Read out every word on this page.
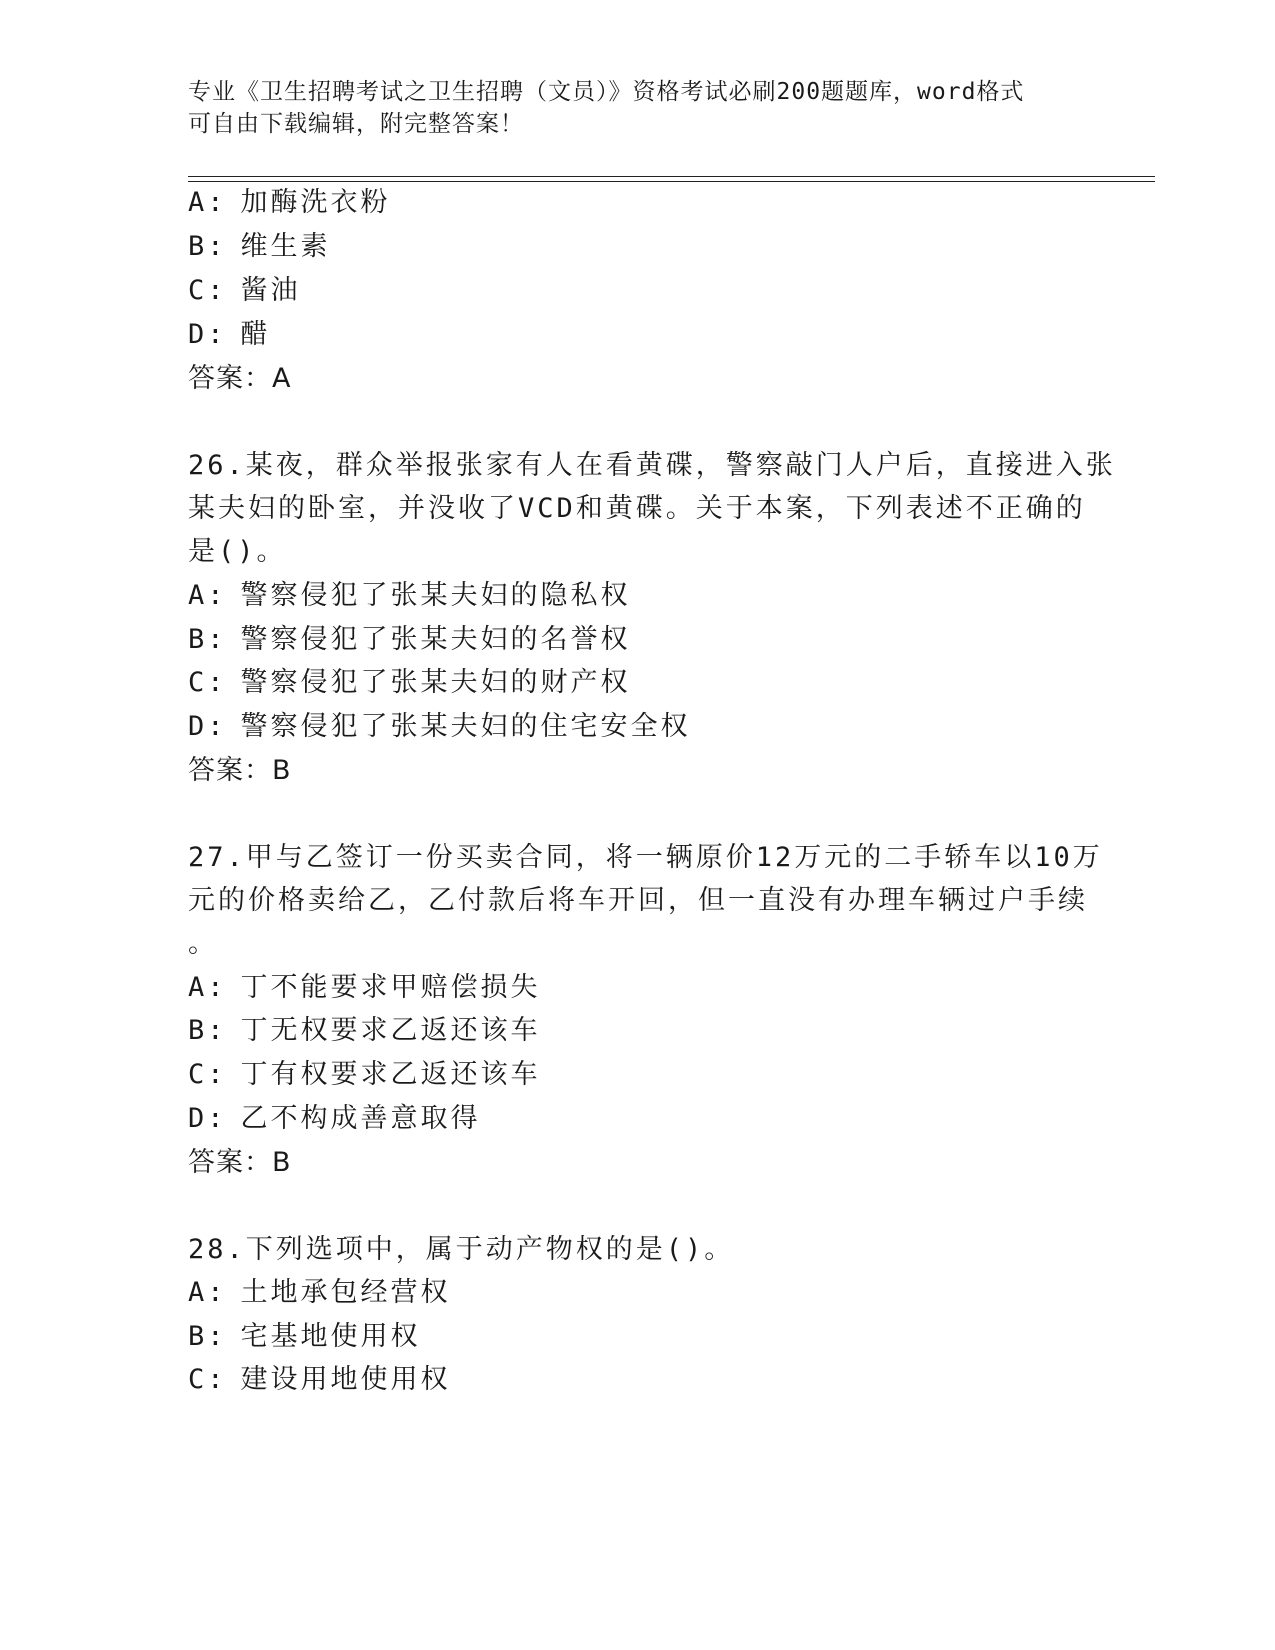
专业《卫生招聘考试之卫生招聘（文员）》资格考试必刷200题题库，word格式
可自由下载编辑，附完整答案！
A: 加酶洗衣粉
B: 维生素
C: 酱油
D: 醋
答案：A
26.某夜，群众举报张家有人在看黄碟，警察敲门人户后，直接进入张
某夫妇的卧室，并没收了VCD和黄碟。关于本案，下列表述不正确的
是()。
A: 警察侵犯了张某夫妇的隐私权
B: 警察侵犯了张某夫妇的名誉权
C: 警察侵犯了张某夫妇的财产权
D: 警察侵犯了张某夫妇的住宅安全权
答案：B
27.甲与乙签订一份买卖合同，将一辆原价12万元的二手轿车以10万
元的价格卖给乙，乙付款后将车开回，但一直没有办理车辆过户手续
。
A: 丁不能要求甲赔偿损失
B: 丁无权要求乙返还该车
C: 丁有权要求乙返还该车
D: 乙不构成善意取得
答案：B
28.下列选项中，属于动产物权的是()。
A: 土地承包经营权
B: 宅基地使用权
C: 建设用地使用权
